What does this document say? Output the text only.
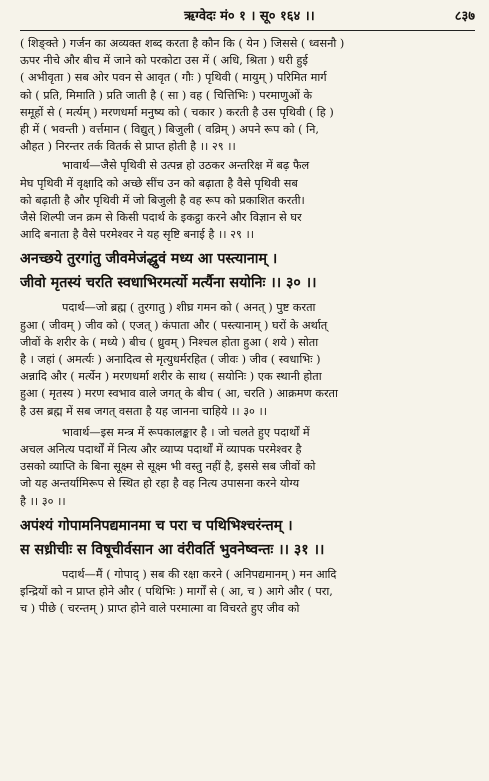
ऋग्वेदः मं० १ । सू० १६४ ।।	८३७

( शिङ्क्ते ) गर्जन का अव्यक्त शब्द करता है कौन कि ( येन ) जिससे ( ध्वसनौ )

ऊपर नीचे और बीच में जाने को परकोटा उस में ( अधि, श्रिता ) धरी हुई

( अभीवृता ) सब ओर पवन से आवृत ( गौः ) पृथिवी ( मायुम् ) परिमित मार्ग

को ( प्रति, मिमाति ) प्रति जाती है ( सा ) वह ( चित्तिभिः ) परमाणुओं के

समूहों से ( मर्त्यम् ) मरणधर्मा मनुष्य को ( चकार ) करती है उस पृथिवी ( हि )

ही में ( भवन्ती ) वर्त्तमान ( विद्युत् ) बिजुली ( वव्रिम् ) अपने रूप को ( नि,

औहत ) निरन्तर तर्क वितर्क से प्राप्त होती है ।। २९ ।।

भावार्थ—जैसे पृथिवी से उत्पन्न हो उठकर अन्तरिक्ष में बढ़ फैल

मेघ पृथिवी में वृक्षादि को अच्छे सींच उन को बढ़ाता है वैसे पृथिवी सब

को बढ़ाती है और पृथिवी में जो बिजुली है वह रूप को प्रकाशित करती।

जैसे शिल्पी जन क्रम से किसी पदार्थ के इकट्ठा करने और विज्ञान से घर

आदि बनाता है वैसे परमेश्वर ने यह सृष्टि बनाई है ।। २९ ।।

अनच्छये तुरगांतु जीवमेजंद्धुवं मध्य आ पस्त्यानाम् ।

जीवो मृतस्यं चरति स्वधाभिरमर्त्यो मर्त्यैना सयोनिः ।। ३० ।।

पदार्थ—जो ब्रह्म ( तुरगातु ) शीघ्र गमन को ( अनत् ) पुष्ट करता

हुआ ( जीवम् ) जीव को ( एजत् ) कंपाता और ( पस्त्यानाम् ) घरों के अर्थात्

जीवों के शरीर के ( मध्ये ) बीच ( ध्रुवम् ) निश्चल होता हुआ ( शये ) सोता

है । जहां ( अमर्त्यः ) अनादित्व से मृत्युधर्मरहित ( जीवः ) जीव ( स्वधाभिः )

अन्नादि और ( मर्त्येन ) मरणधर्मा शरीर के साथ ( सयोनिः ) एक स्थानी होता

हुआ ( मृतस्य ) मरण स्वभाव वाले जगत् के बीच ( आ, चरति ) आक्रमण करता

है उस ब्रह्म में सब जगत् वसता है यह जानना चाहिये ।। ३० ।।

भावार्थ—इस मन्त्र में रूपकालङ्कार है । जो चलते हुए पदार्थों में

अचल अनित्य पदार्थों में नित्य और व्याप्य पदार्थों में व्यापक परमेश्वर है

उसको व्याप्ति के बिना सूक्ष्म से सूक्ष्म भी वस्तु नहीं है, इससे सब जीवों को

जो यह अन्तर्यामिरूप से स्थित हो रहा है वह नित्य उपासना करने योग्य

है ।। ३० ।।

अपंश्यं गोपामनिपद्यमानमा च परा च पथिभिश्चरंन्तम् ।

स सध्रीचीः स विषूचीर्वसान आ वंरीवर्ति भुवनेष्वन्तः ।। ३१ ।।

पदार्थ—मैं ( गोपाद् ) सब की रक्षा करने ( अनिपद्यमानम् ) मन आदि

इन्द्रियों को न प्राप्त होने और ( पथिभिः ) मार्गों से ( आ, च ) आगे और ( परा,

च ) पीछे ( चरन्तम् ) प्राप्त होने वाले परमात्मा वा विचरते हुए जीव को
